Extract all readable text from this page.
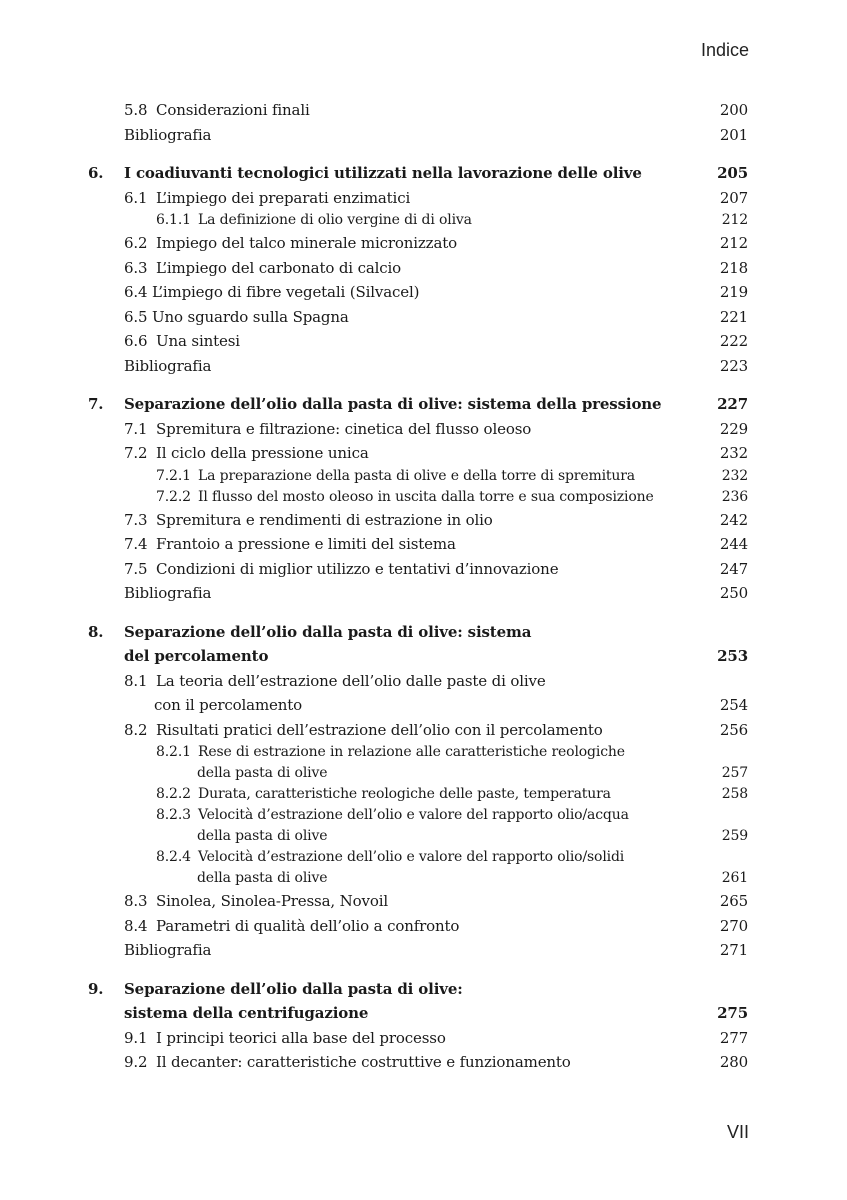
Indice
5.8 Considerazioni finali	200
Bibliografia	201
6. I coadiuvanti tecnologici utilizzati nella lavorazione delle olive	205
6.1 L’impiego dei preparati enzimatici	207
6.1.1 La definizione di olio vergine di di oliva	212
6.2 Impiego del talco minerale micronizzato	212
6.3 L’impiego del carbonato di calcio	218
6.4 L’impiego di fibre vegetali (Silvacel)	219
6.5 Uno sguardo sulla Spagna	221
6.6 Una sintesi	222
Bibliografia	223
7. Separazione dell’olio dalla pasta di olive: sistema della pressione	227
7.1 Spremitura e filtrazione: cinetica del flusso oleoso	229
7.2 Il ciclo della pressione unica	232
7.2.1 La preparazione della pasta di olive e della torre di spremitura	232
7.2.2 Il flusso del mosto oleoso in uscita dalla torre e sua composizione	236
7.3 Spremitura e rendimenti di estrazione in olio	242
7.4 Frantoio a pressione e limiti del sistema	244
7.5 Condizioni di miglior utilizzo e tentativi d’innovazione	247
Bibliografia	250
8. Separazione dell’olio dalla pasta di olive: sistema
del percolamento	253
8.1 La teoria dell’estrazione dell’olio dalle paste di olive
con il percolamento	254
8.2 Risultati pratici dell’estrazione dell’olio con il percolamento	256
8.2.1 Rese di estrazione in relazione alle caratteristiche reologiche
della pasta di olive	257
8.2.2 Durata, caratteristiche reologiche delle paste, temperatura	258
8.2.3 Velocità d’estrazione dell’olio e valore del rapporto olio/acqua
della pasta di olive	259
8.2.4 Velocità d’estrazione dell’olio e valore del rapporto olio/solidi
della pasta di olive	261
8.3 Sinolea, Sinolea-Pressa, Novoil	265
8.4 Parametri di qualità dell’olio a confronto	270
Bibliografia	271
9. Separazione dell’olio dalla pasta di olive:
sistema della centrifugazione	275
9.1 I principi teorici alla base del processo	277
9.2 Il decanter: caratteristiche costruttive e funzionamento	280
VII
